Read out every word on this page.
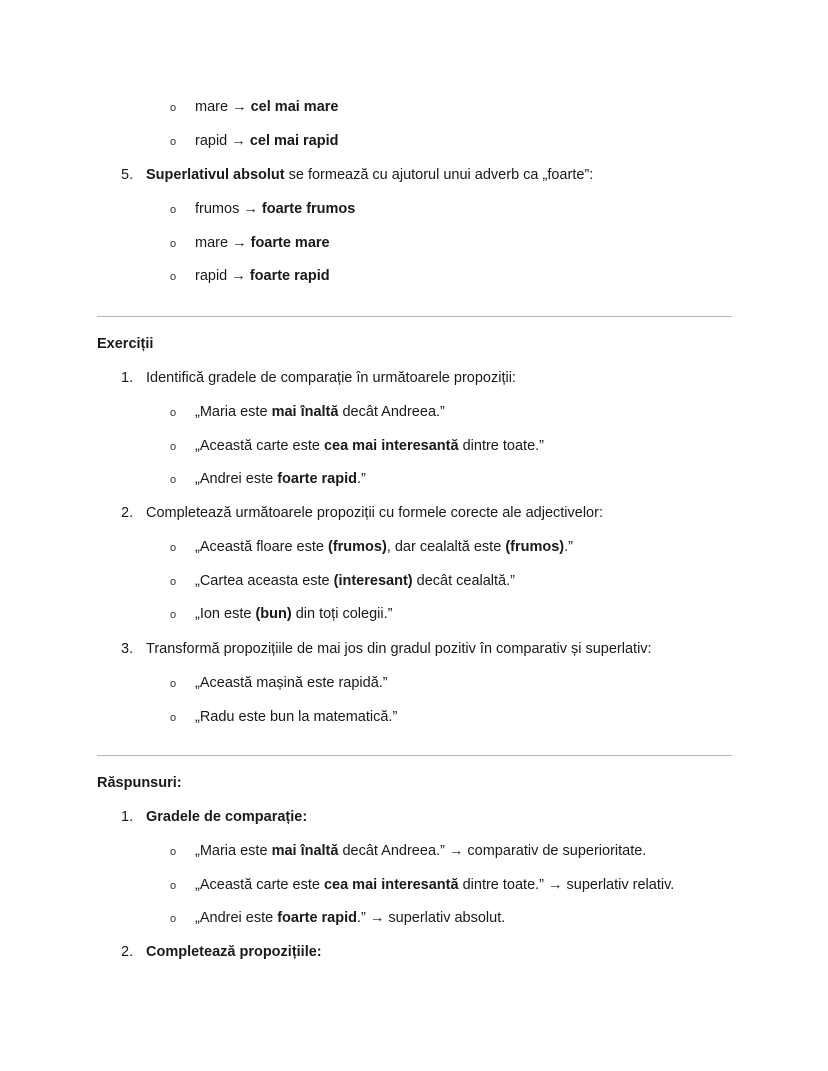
o mare → cel mai mare
o rapid → cel mai rapid
5. Superlativul absolut se formează cu ajutorul unui adverb ca „foarte”:
o frumos → foarte frumos
o mare → foarte mare
o rapid → foarte rapid
Exerciții
1. Identifică gradele de comparație în următoarele propoziții:
o „Maria este mai înaltă decât Andreea.”
o „Această carte este cea mai interesantă dintre toate.”
o „Andrei este foarte rapid.”
2. Completează următoarele propoziții cu formele corecte ale adjectivelor:
o „Această floare este (frumos), dar cealaltă este (frumos).”
o „Cartea aceasta este (interesant) decât cealaltă.”
o „Ion este (bun) din toți colegii.”
3. Transformă propozițiile de mai jos din gradul pozitiv în comparativ și superlativ:
o „Această mașină este rapidă.”
o „Radu este bun la matematică.”
Răspunsuri:
1. Gradele de comparație:
o „Maria este mai înaltă decât Andreea.” → comparativ de superioritate.
o „Această carte este cea mai interesantă dintre toate.” → superlativ relativ.
o „Andrei este foarte rapid.” → superlativ absolut.
2. Completează propozițiile:
